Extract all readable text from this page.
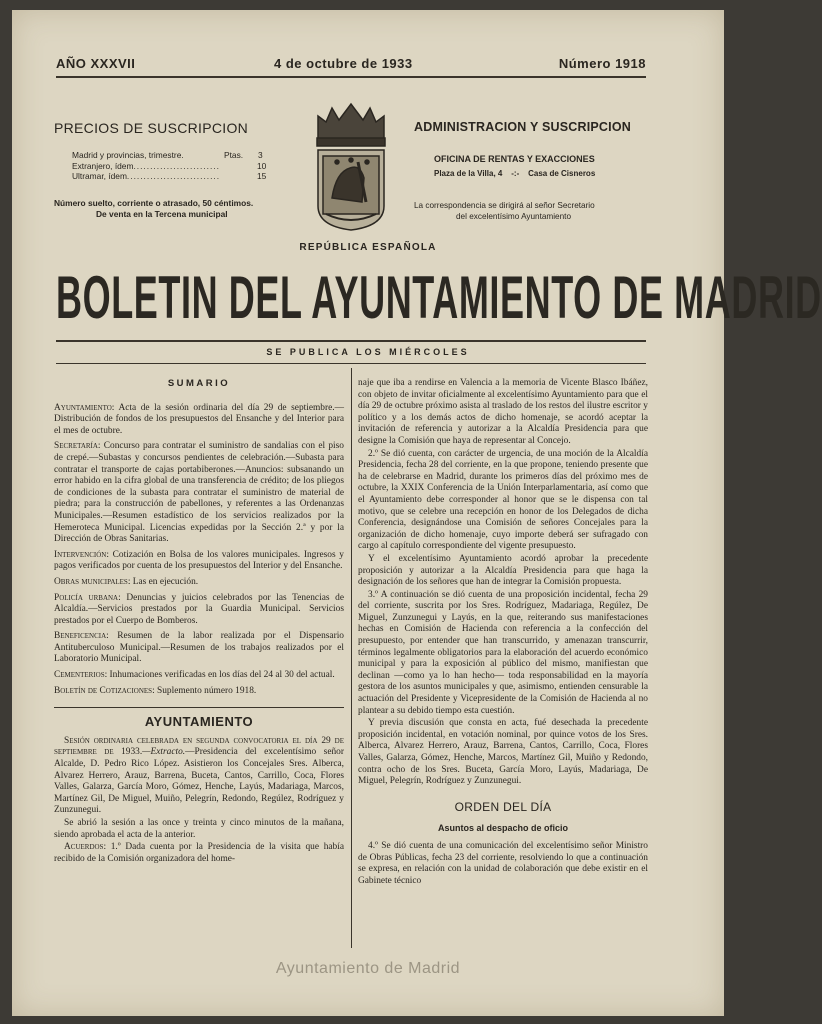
AÑO XXXVII	4 de octubre de 1933	Número 1918
PRECIOS DE SUSCRIPCION
Madrid y provincias, trimestre.	Ptas. 3
Extranjero, ídem..........................	10
Ultramar, ídem............................	15
Número suelto, corriente o atrasado, 50 céntimos.
De venta en la Tercena municipal
ADMINISTRACION Y SUSCRIPCION
OFICINA DE RENTAS Y EXACCIONES
Plaza de la Villa, 4 -:- Casa de Cisneros
La correspondencia se dirigirá al señor Secretario
del excelentísimo Ayuntamiento
REPÚBLICA ESPAÑOLA
BOLETIN DEL AYUNTAMIENTO DE MADRID
SE PUBLICA LOS MIÉRCOLES
SUMARIO
Ayuntamiento: Acta de la sesión ordinaria del día 29 de septiembre.—Distribución de fondos de los presupuestos del Ensanche y del Interior para el mes de octubre.
Secretaría: Concurso para contratar el suministro de sandalias con el piso de crepé.—Subastas y concursos pendientes de celebración.—Subasta para contratar el transporte de cajas portabiberones.—Anuncios: subsanando un error habido en la cifra global de una transferencia de crédito; de los pliegos de condiciones de la subasta para contratar el suministro de material de piedra; para la construcción de pabellones, y referentes a las Ordenanzas Municipales.—Resumen estadístico de los servicios realizados por la Hemeroteca Municipal. Licencias expedidas por la Sección 2.ª y por la Dirección de Obras Sanitarias.
Intervención: Cotización en Bolsa de los valores municipales. Ingresos y pagos verificados por cuenta de los presupuestos del Interior y del Ensanche.
Obras municipales: Las en ejecución.
Policía urbana: Denuncias y juicios celebrados por las Tenencias de Alcaldía.—Servicios prestados por la Guardia Municipal. Servicios prestados por el Cuerpo de Bomberos.
Beneficencia: Resumen de la labor realizada por el Dispensario Antituberculoso Municipal.—Resumen de los trabajos realizados por el Laboratorio Municipal.
Cementerios: Inhumaciones verificadas en los días del 24 al 30 del actual.
Boletín de Cotizaciones: Suplemento número 1918.
AYUNTAMIENTO

Sesión ordinaria celebrada en segunda convocatoria el día 29 de septiembre de 1933.—Extracto.—Presidencia del excelentísimo señor Alcalde, D. Pedro Rico López. Asistieron los Concejales Sres. Alberca, Alvarez Herrero, Arauz, Barrena, Buceta, Cantos, Carrillo, Coca, Flores Valles, Galarza, García Moro, Gómez, Henche, Layús, Madariaga, Marcos, Martínez Gil, De Miguel, Muiño, Pelegrín, Redondo, Regúlez, Rodríguez y Zunzunegui.

Se abrió la sesión a las once y treinta y cinco minutos de la mañana, siendo aprobada el acta de la anterior.

Acuerdos: 1.º Dada cuenta por la Presidencia de la visita que había recibido de la Comisión organizadora del home-

naje que iba a rendirse en Valencia a la memoria de Vicente Blasco Ibáñez, con objeto de invitar oficialmente al excelentísimo Ayuntamiento para que el día 29 de octubre próximo asista al traslado de los restos del ilustre escritor y político y a los demás actos de dicho homenaje, se acordó aceptar la invitación de referencia y autorizar a la Alcaldía Presidencia para que designe la Comisión que haya de representar al Concejo.

2.º Se dió cuenta, con carácter de urgencia, de una moción de la Alcaldía Presidencia, fecha 28 del corriente, en la que propone, teniendo presente que ha de celebrarse en Madrid, durante los primeros días del próximo mes de octubre, la XXIX Conferencia de la Unión Interparlamentaria, así como que el Ayuntamiento debe corresponder al honor que se le dispensa con tal motivo, que se celebre una recepción en honor de los Delegados de dicha Conferencia, designándose una Comisión de señores Concejales para la organización de dicho homenaje, cuyo importe deberá ser sufragado con cargo al capítulo correspondiente del vigente presupuesto.

Y el excelentísimo Ayuntamiento acordó aprobar la precedente proposición y autorizar a la Alcaldía Presidencia para que haga la designación de los señores que han de integrar la Comisión propuesta.

3.º A continuación se dió cuenta de una proposición incidental, fecha 29 del corriente, suscrita por los Sres. Rodríguez, Madariaga, Regúlez, De Miguel, Zunzunegui y Layús, en la que, reiterando sus manifestaciones hechas en Comisión de Hacienda con referencia a la confección del presupuesto, por entender que han transcurrido, y amenazan transcurrir, términos legalmente obligatorios para la elaboración del acuerdo económico municipal y para la exposición al público del mismo, manifiestan que declinan —como ya lo han hecho— toda responsabilidad en la mayoría gestora de los asuntos municipales y que, asimismo, entienden censurable la actuación del Presidente y Vicepresidente de la Comisión de Hacienda al no plantear a su debido tiempo esta cuestión.

Y previa discusión que consta en acta, fué desechada la precedente proposición incidental, en votación nominal, por quince votos de los Sres. Alberca, Alvarez Herrero, Arauz, Barrena, Cantos, Carrillo, Coca, Flores Valles, Galarza, Gómez, Henche, Marcos, Martínez Gil, Muiño y Redondo, contra ocho de los Sres. Buceta, García Moro, Layús, Madariaga, De Miguel, Pelegrín, Rodríguez y Zunzunegui.

ORDEN DEL DÍA
Asuntos al despacho de oficio

4.º Se dió cuenta de una comunicación del excelentísimo señor Ministro de Obras Públicas, fecha 23 del corriente, resolviendo lo que a continuación se expresa, en relación con la unidad de colaboración que debe existir en el Gabinete técnico

Ayuntamiento de Madrid
